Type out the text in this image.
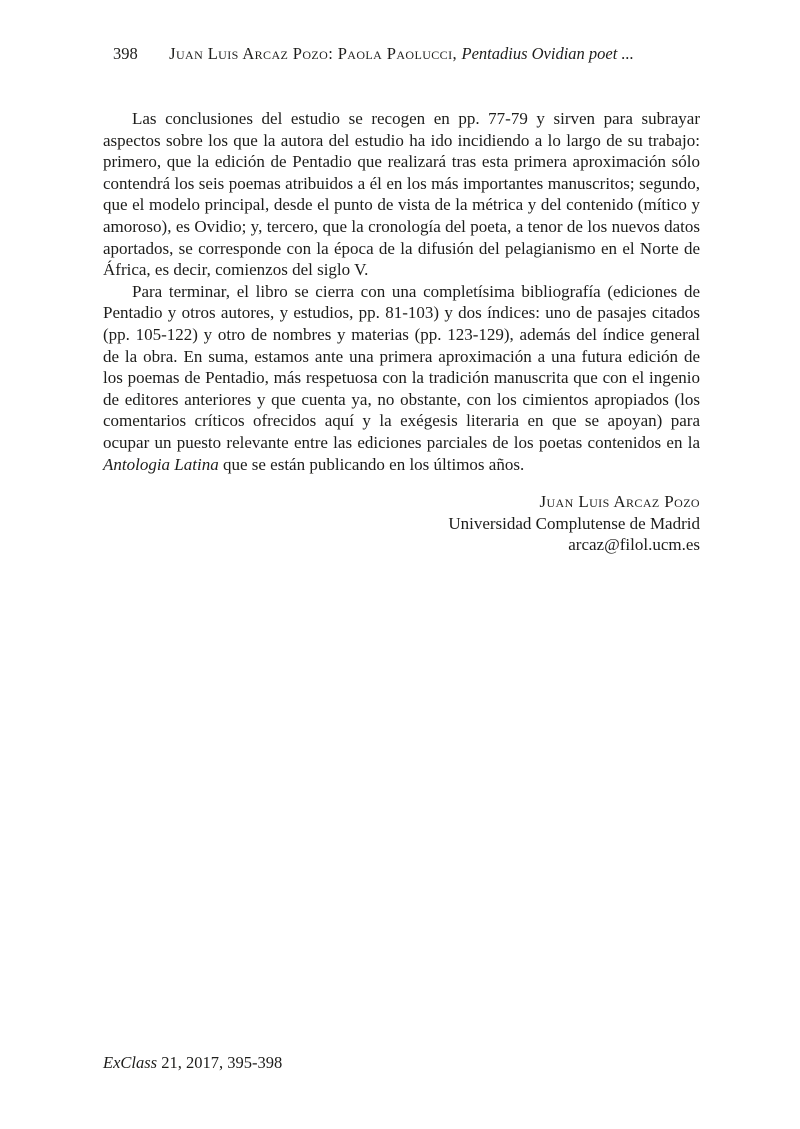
398	Juan Luis Arcaz Pozo: Paola Paolucci, Pentadius Ovidian poet ...

Las conclusiones del estudio se recogen en pp. 77-79 y sirven para subrayar aspectos sobre los que la autora del estudio ha ido incidiendo a lo largo de su trabajo: primero, que la edición de Pentadio que realizará tras esta primera aproximación sólo contendrá los seis poemas atribuidos a él en los más importantes manuscritos; segundo, que el modelo principal, desde el punto de vista de la métrica y del contenido (mítico y amoroso), es Ovidio; y, tercero, que la cronología del poeta, a tenor de los nuevos datos aportados, se corresponde con la época de la difusión del pelagianismo en el Norte de África, es decir, comienzos del siglo V.

Para terminar, el libro se cierra con una completísima bibliografía (ediciones de Pentadio y otros autores, y estudios, pp. 81-103) y dos índices: uno de pasajes citados (pp. 105-122) y otro de nombres y materias (pp. 123-129), además del índice general de la obra. En suma, estamos ante una primera aproximación a una futura edición de los poemas de Pentadio, más respetuosa con la tradición manuscrita que con el ingenio de editores anteriores y que cuenta ya, no obstante, con los cimientos apropiados (los comentarios críticos ofrecidos aquí y la exégesis literaria en que se apoyan) para ocupar un puesto relevante entre las ediciones parciales de los poetas contenidos en la Antologia Latina que se están publicando en los últimos años.

Juan Luis Arcaz Pozo
Universidad Complutense de Madrid
arcaz@filol.ucm.es
ExClass 21, 2017, 395-398
